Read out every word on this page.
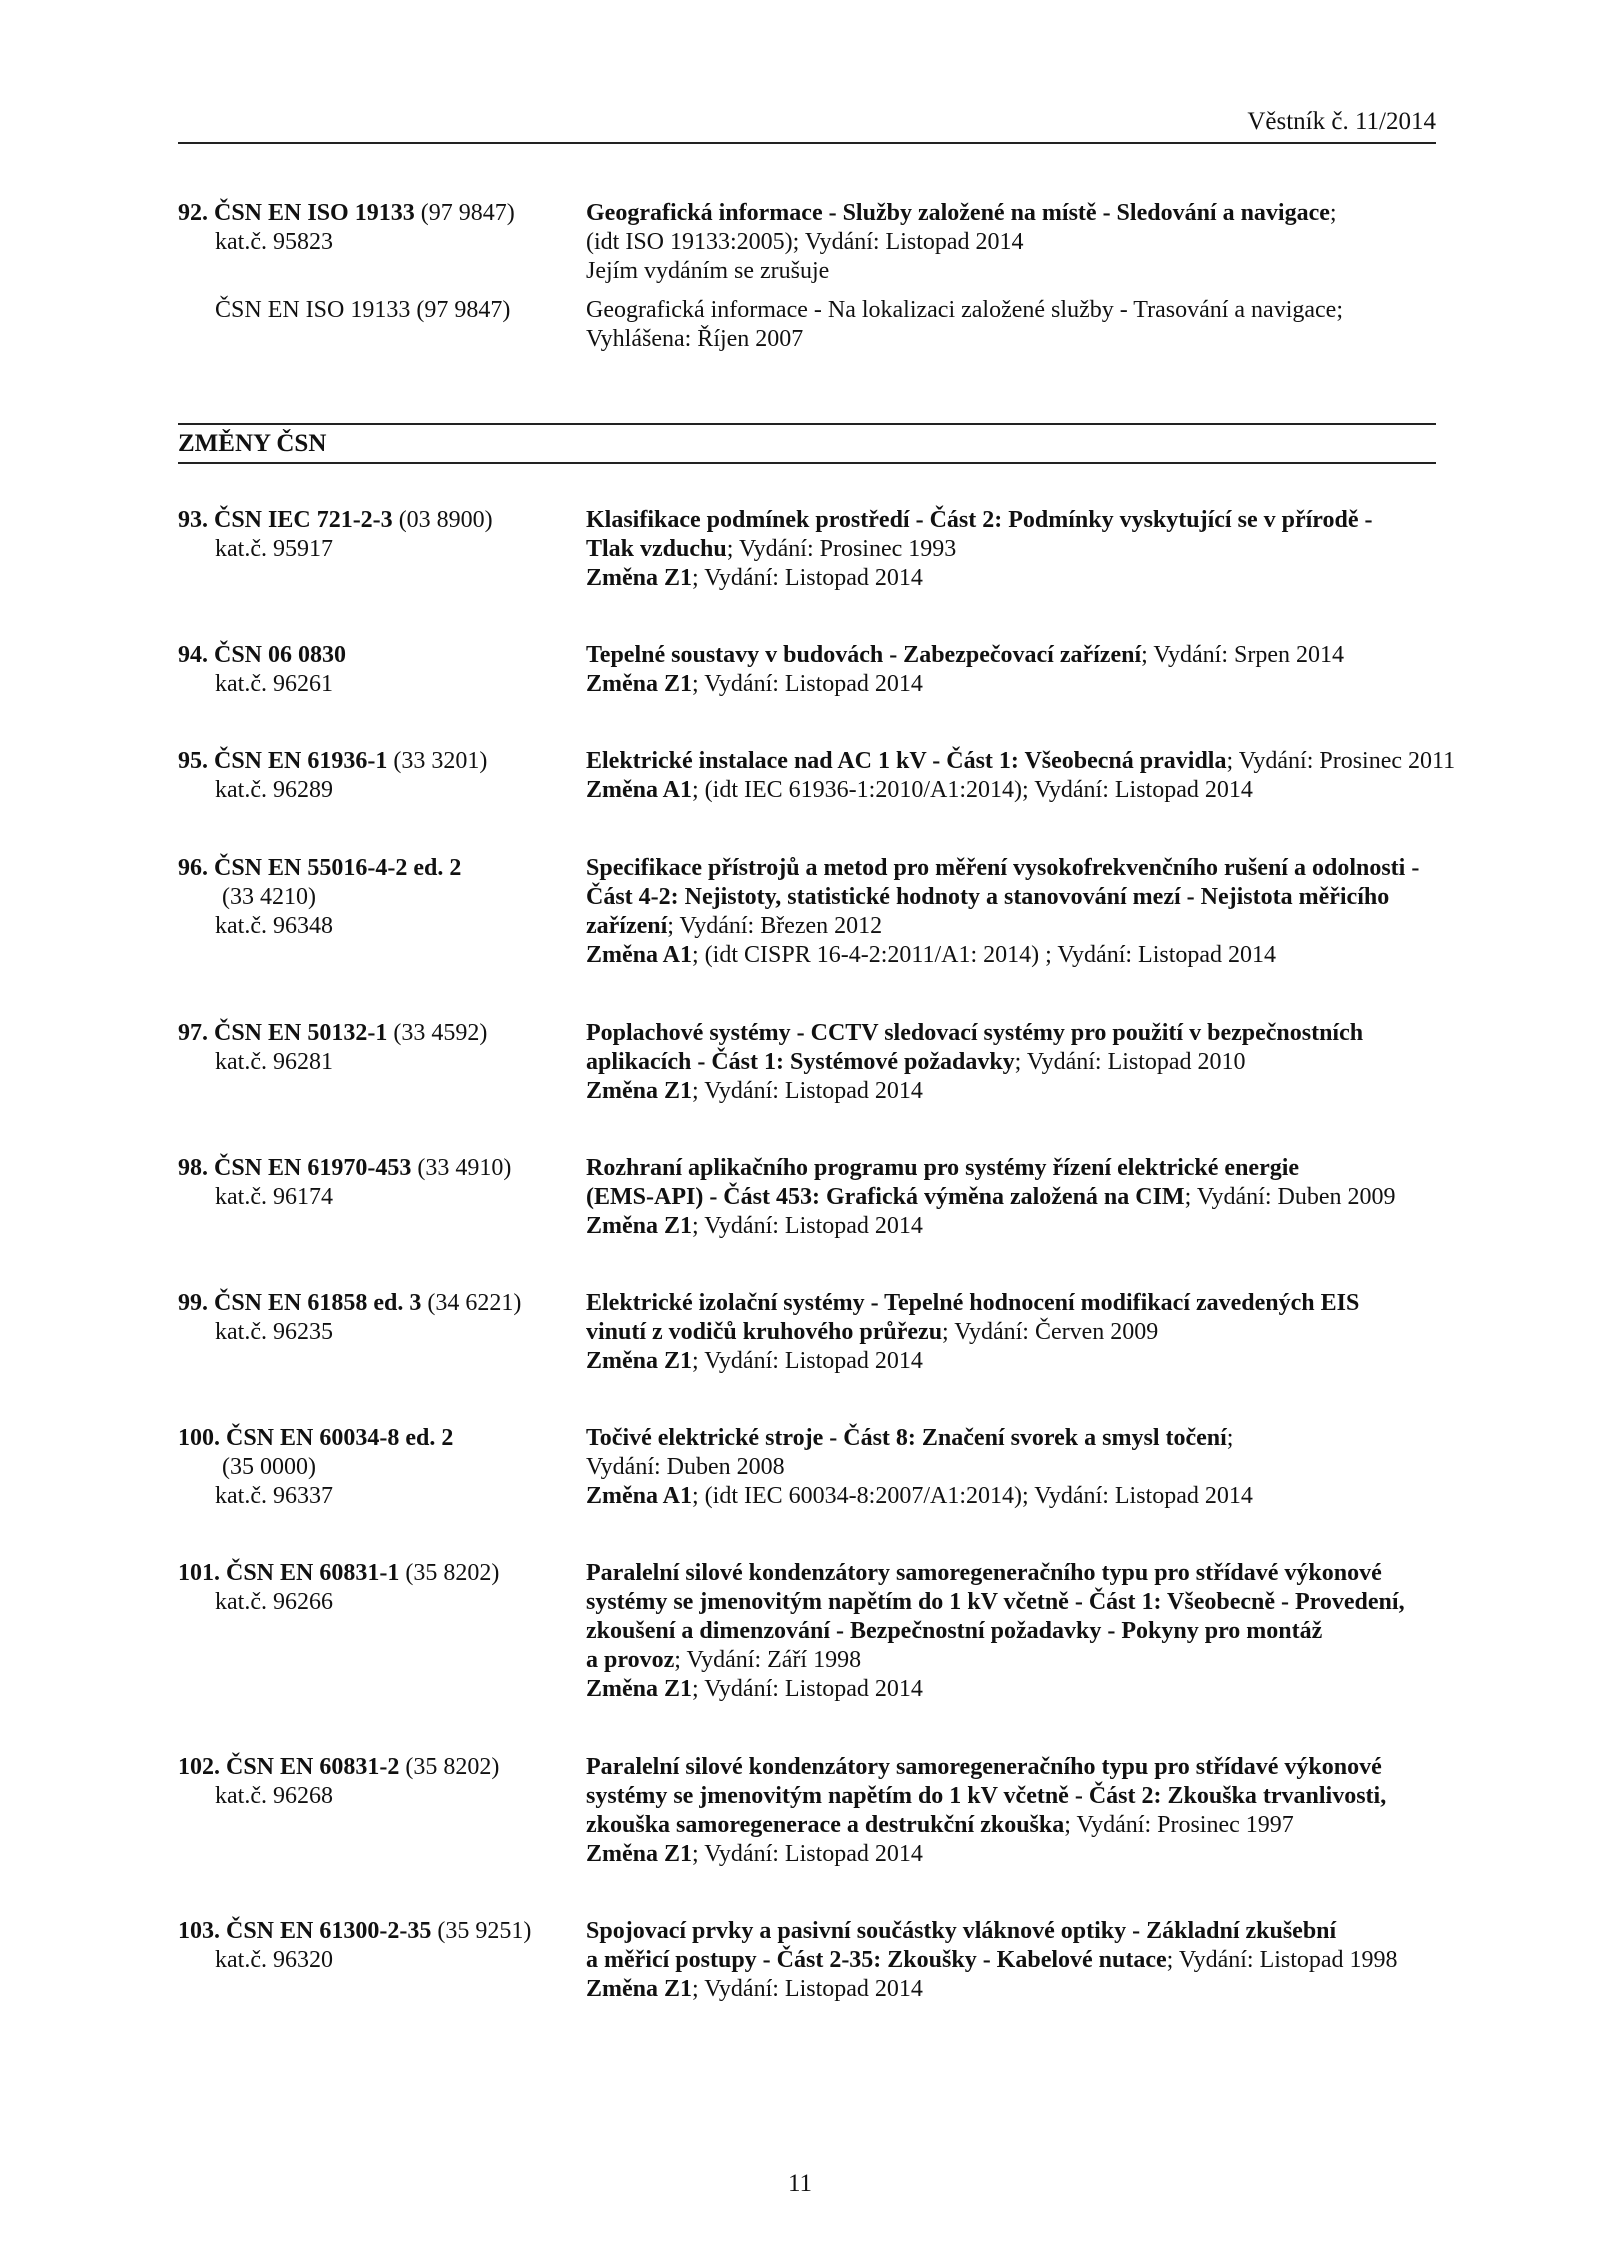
Věstník č. 11/2014
92. ČSN EN ISO 19133 (97 9847)
kat.č. 95823
ČSN EN ISO 19133 (97 9847)
Geografická informace - Služby založené na místě - Sledování a navigace;
(idt ISO 19133:2005); Vydání: Listopad 2014
Jejím vydáním se zrušuje
Geografická informace - Na lokalizaci založené služby - Trasování a navigace;
Vyhlášena: Říjen 2007
ZMĚNY ČSN
93. ČSN IEC 721-2-3 (03 8900)
kat.č. 95917
Klasifikace podmínek prostředí - Část 2: Podmínky vyskytující se v přírodě -
Tlak vzduchu; Vydání: Prosinec 1993
Změna Z1; Vydání: Listopad 2014
94. ČSN 06 0830
kat.č. 96261
Tepelné soustavy v budovách - Zabezpečovací zařízení; Vydání: Srpen 2014
Změna Z1; Vydání: Listopad 2014
95. ČSN EN 61936-1 (33 3201)
kat.č. 96289
Elektrické instalace nad AC 1 kV - Část 1: Všeobecná pravidla; Vydání: Prosinec 2011
Změna A1; (idt IEC 61936-1:2010/A1:2014); Vydání: Listopad 2014
96. ČSN EN 55016-4-2 ed. 2
(33 4210)
kat.č. 96348
Specifikace přístrojů a metod pro měření vysokofrekvenčního rušení a odolnosti -
Část 4-2: Nejistoty, statistické hodnoty a stanovování mezí - Nejistota měřicího
zařízení; Vydání: Březen 2012
Změna A1; (idt CISPR 16-4-2:2011/A1: 2014) ; Vydání: Listopad 2014
97. ČSN EN 50132-1 (33 4592)
kat.č. 96281
Poplachové systémy - CCTV sledovací systémy pro použití v bezpečnostních
aplikacích - Část 1: Systémové požadavky; Vydání: Listopad 2010
Změna Z1; Vydání: Listopad 2014
98. ČSN EN 61970-453 (33 4910)
kat.č. 96174
Rozhraní aplikačního programu pro systémy řízení elektrické energie
(EMS-API) - Část 453: Grafická výměna založená na CIM; Vydání: Duben 2009
Změna Z1; Vydání: Listopad 2014
99. ČSN EN 61858 ed. 3 (34 6221)
kat.č. 96235
Elektrické izolační systémy - Tepelné hodnocení modifikací zavedených EIS
vinutí z vodičů kruhového průřezu; Vydání: Červen 2009
Změna Z1; Vydání: Listopad 2014
100. ČSN EN 60034-8 ed. 2
(35 0000)
kat.č. 96337
Točivé elektrické stroje - Část 8: Značení svorek a smysl točení;
Vydání: Duben 2008
Změna A1; (idt IEC 60034-8:2007/A1:2014); Vydání: Listopad 2014
101. ČSN EN 60831-1 (35 8202)
kat.č. 96266
Paralelní silové kondenzátory samoregeneračního typu pro střídavé výkonové
systémy se jmenovitým napětím do 1 kV včetně - Část 1: Všeobecně - Provedení,
zkoušení a dimenzování - Bezpečnostní požadavky - Pokyny pro montáž
a provoz; Vydání: Září 1998
Změna Z1; Vydání: Listopad 2014
102. ČSN EN 60831-2 (35 8202)
kat.č. 96268
Paralelní silové kondenzátory samoregeneračního typu pro střídavé výkonové
systémy se jmenovitým napětím do 1 kV včetně - Část 2: Zkouška trvanlivosti,
zkouška samoregenerace a destrukční zkouška; Vydání: Prosinec 1997
Změna Z1; Vydání: Listopad 2014
103. ČSN EN 61300-2-35 (35 9251)
kat.č. 96320
Spojovací prvky a pasivní součástky vláknové optiky - Základní zkušební
a měřicí postupy - Část 2-35: Zkoušky - Kabelové nutace; Vydání: Listopad 1998
Změna Z1; Vydání: Listopad 2014
11
